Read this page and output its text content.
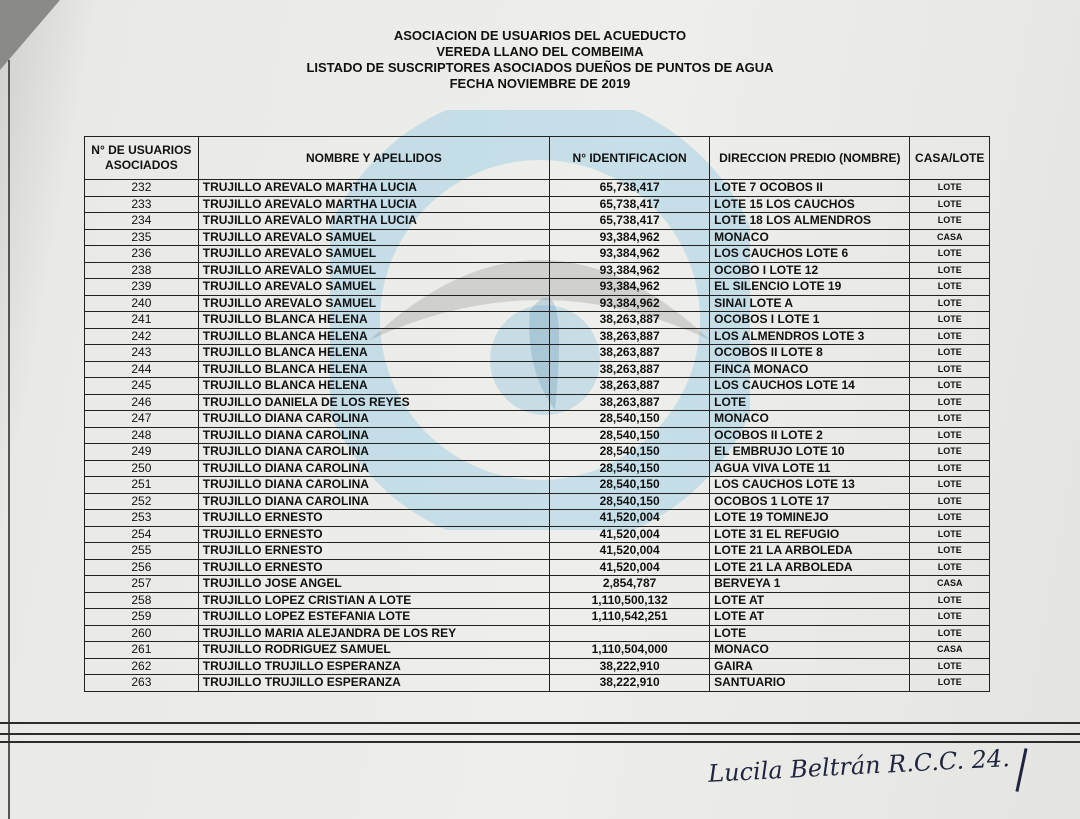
ASOCIACION DE USUARIOS DEL ACUEDUCTO
VEREDA LLANO DEL COMBEIMA
LISTADO DE SUSCRIPTORES ASOCIADOS DUEÑOS DE PUNTOS DE AGUA
FECHA NOVIEMBRE DE 2019
N° DE USUARIOS ASOCIADOS	NOMBRE Y APELLIDOS	N° IDENTIFICACION	DIRECCION PREDIO (NOMBRE)	CASA/LOTE
232	TRUJILLO AREVALO MARTHA LUCIA	65,738,417	LOTE 7 OCOBOS II	LOTE
233	TRUJILLO AREVALO MARTHA LUCIA	65,738,417	LOTE 15 LOS CAUCHOS	LOTE
234	TRUJILLO AREVALO MARTHA LUCIA	65,738,417	LOTE 18 LOS ALMENDROS	LOTE
235	TRUJILLO AREVALO SAMUEL	93,384,962	MONACO	CASA
236	TRUJILLO AREVALO SAMUEL	93,384,962	LOS CAUCHOS LOTE 6	LOTE
238	TRUJILLO AREVALO SAMUEL	93,384,962	OCOBO I LOTE 12	LOTE
239	TRUJILLO AREVALO SAMUEL	93,384,962	EL SILENCIO LOTE 19	LOTE
240	TRUJILLO AREVALO SAMUEL	93,384,962	SINAI LOTE A	LOTE
241	TRUJILLO BLANCA HELENA	38,263,887	OCOBOS I LOTE 1	LOTE
242	TRUJILLO BLANCA HELENA	38,263,887	LOS ALMENDROS LOTE 3	LOTE
243	TRUJILLO BLANCA HELENA	38,263,887	OCOBOS II LOTE 8	LOTE
244	TRUJILLO BLANCA HELENA	38,263,887	FINCA MONACO	LOTE
245	TRUJILLO BLANCA HELENA	38,263,887	LOS CAUCHOS LOTE 14	LOTE
246	TRUJILLO DANIELA DE LOS REYES	38,263,887	LOTE	LOTE
247	TRUJILLO DIANA CAROLINA	28,540,150	MONACO	LOTE
248	TRUJILLO DIANA CAROLINA	28,540,150	OCOBOS II LOTE 2	LOTE
249	TRUJILLO DIANA CAROLINA	28,540,150	EL EMBRUJO LOTE 10	LOTE
250	TRUJILLO DIANA CAROLINA	28,540,150	AGUA VIVA LOTE 11	LOTE
251	TRUJILLO DIANA CAROLINA	28,540,150	LOS CAUCHOS LOTE 13	LOTE
252	TRUJILLO DIANA CAROLINA	28,540,150	OCOBOS 1 LOTE 17	LOTE
253	TRUJILLO ERNESTO	41,520,004	LOTE 19 TOMINEJO	LOTE
254	TRUJILLO ERNESTO	41,520,004	LOTE 31 EL REFUGIO	LOTE
255	TRUJILLO ERNESTO	41,520,004	LOTE 21 LA ARBOLEDA	LOTE
256	TRUJILLO ERNESTO	41,520,004	LOTE 21 LA ARBOLEDA	LOTE
257	TRUJILLO JOSE ANGEL	2,854,787	BERVEYA 1	CASA
258	TRUJILLO LOPEZ CRISTIAN A LOTE	1,110,500,132	LOTE AT	LOTE
259	TRUJILLO LOPEZ ESTEFANIA LOTE	1,110,542,251	LOTE AT	LOTE
260	TRUJILLO MARIA ALEJANDRA DE LOS REY		LOTE	LOTE
261	TRUJILLO RODRIGUEZ SAMUEL	1,110,504,000	MONACO	CASA
262	TRUJILLO TRUJILLO ESPERANZA	38,222,910	GAIRA	LOTE
263	TRUJILLO TRUJILLO ESPERANZA	38,222,910	SANTUARIO	LOTE
Lucila Beltrán R.C.C. 24.
